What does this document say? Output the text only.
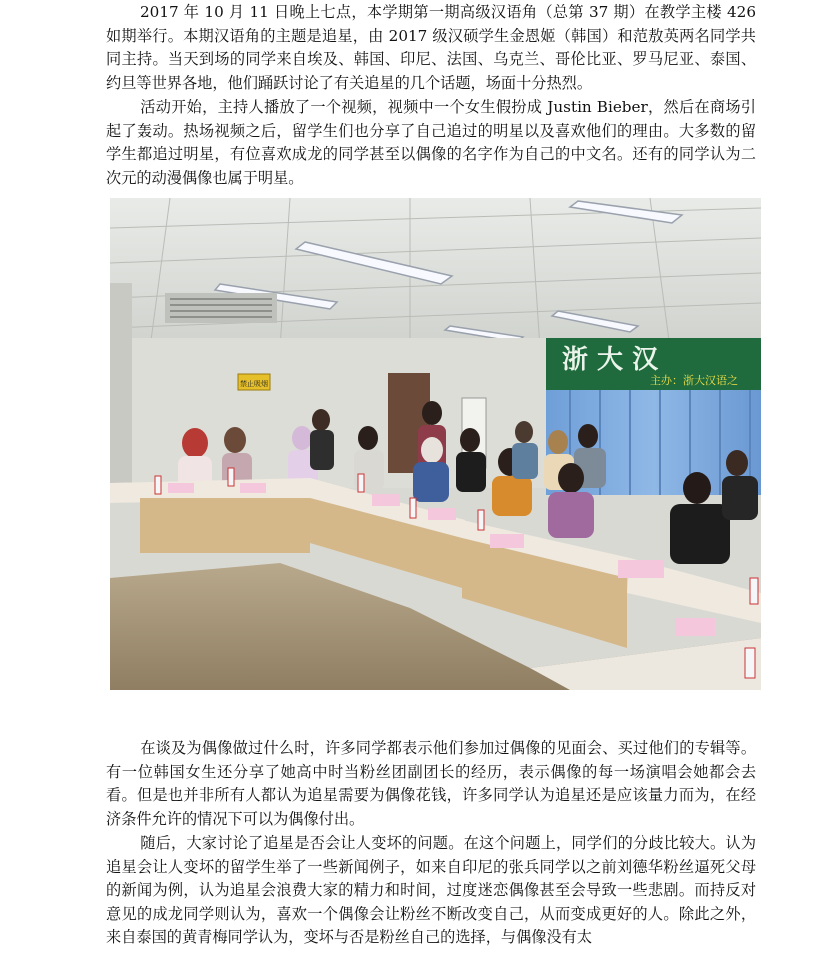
2017 年 10 月 11 日晚上七点，本学期第一期高级汉语角（总第 37 期）在教学主楼 426 如期举行。本期汉语角的主题是追星，由 2017 级汉硕学生金恩姬（韩国）和范敖英两名同学共同主持。当天到场的同学来自埃及、韩国、印尼、法国、乌克兰、哥伦比亚、罗马尼亚、泰国、约旦等世界各地，他们踊跃讨论了有关追星的几个话题，场面十分热烈。

活动开始，主持人播放了一个视频，视频中一个女生假扮成 Justin Bieber，然后在商场引起了轰动。热场视频之后，留学生们也分享了自己追过的明星以及喜欢他们的理由。大多数的留学生都追过明星，有位喜欢成龙的同学甚至以偶像的名字作为自己的中文名。还有的同学认为二次元的动漫偶像也属于明星。

禁止吸烟
浙 大 汉
主办：浙大汉语之

在谈及为偶像做过什么时，许多同学都表示他们参加过偶像的见面会、买过他们的专辑等。有一位韩国女生还分享了她高中时当粉丝团副团长的经历，表示偶像的每一场演唱会她都会去看。但是也并非所有人都认为追星需要为偶像花钱，许多同学认为追星还是应该量力而为，在经济条件允许的情况下可以为偶像付出。

随后，大家讨论了追星是否会让人变坏的问题。在这个问题上，同学们的分歧比较大。认为追星会让人变坏的留学生举了一些新闻例子，如来自印尼的张兵同学以之前刘德华粉丝逼死父母的新闻为例，认为追星会浪费大家的精力和时间，过度迷恋偶像甚至会导致一些悲剧。而持反对意见的成龙同学则认为，喜欢一个偶像会让粉丝不断改变自己，从而变成更好的人。除此之外，来自泰国的黄青梅同学认为，变坏与否是粉丝自己的选择，与偶像没有太
